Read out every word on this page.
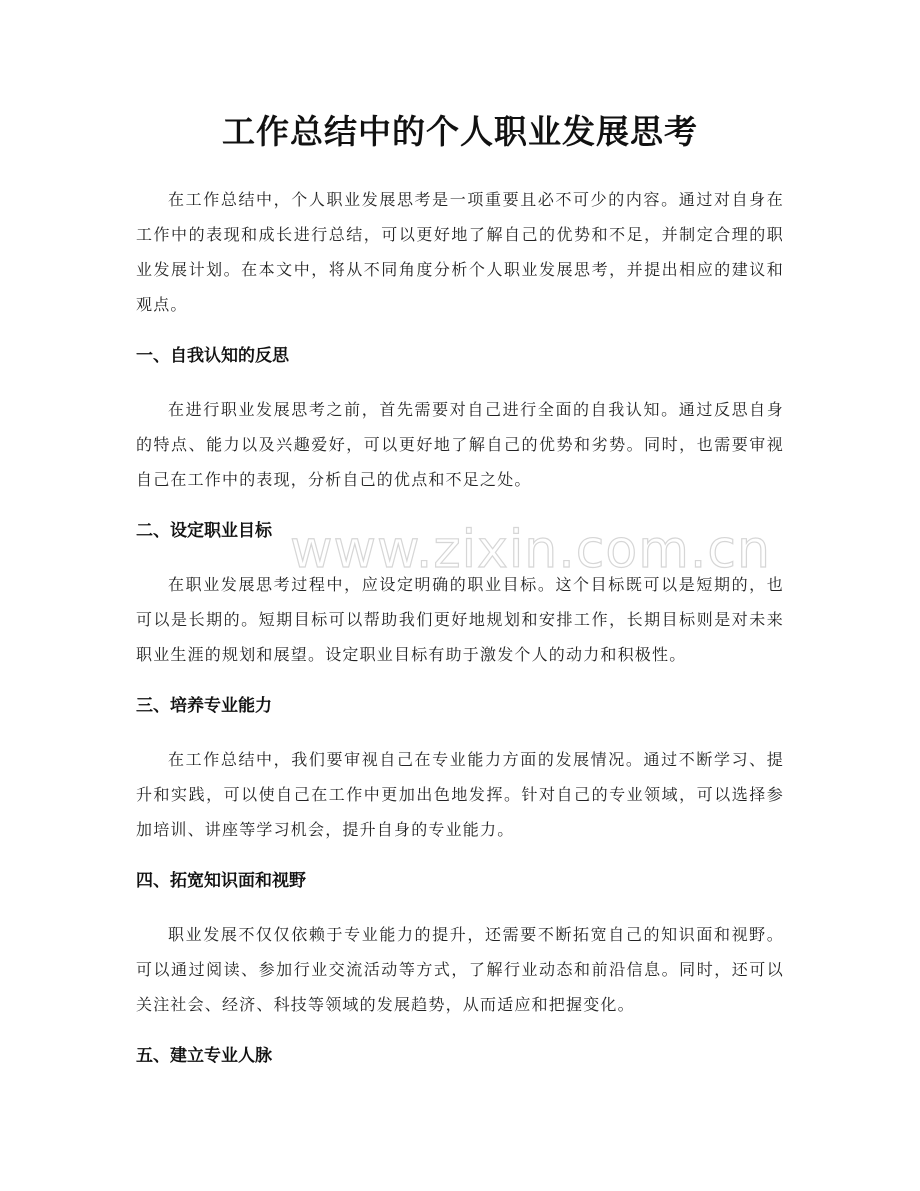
工作总结中的个人职业发展思考

在工作总结中，个人职业发展思考是一项重要且必不可少的内容。通过对自身在工作中的表现和成长进行总结，可以更好地了解自己的优势和不足，并制定合理的职业发展计划。在本文中，将从不同角度分析个人职业发展思考，并提出相应的建议和观点。

一、自我认知的反思

在进行职业发展思考之前，首先需要对自己进行全面的自我认知。通过反思自身的特点、能力以及兴趣爱好，可以更好地了解自己的优势和劣势。同时，也需要审视自己在工作中的表现，分析自己的优点和不足之处。

二、设定职业目标

在职业发展思考过程中，应设定明确的职业目标。这个目标既可以是短期的，也可以是长期的。短期目标可以帮助我们更好地规划和安排工作，长期目标则是对未来职业生涯的规划和展望。设定职业目标有助于激发个人的动力和积极性。

三、培养专业能力

在工作总结中，我们要审视自己在专业能力方面的发展情况。通过不断学习、提升和实践，可以使自己在工作中更加出色地发挥。针对自己的专业领域，可以选择参加培训、讲座等学习机会，提升自身的专业能力。

四、拓宽知识面和视野

职业发展不仅仅依赖于专业能力的提升，还需要不断拓宽自己的知识面和视野。可以通过阅读、参加行业交流活动等方式，了解行业动态和前沿信息。同时，还可以关注社会、经济、科技等领域的发展趋势，从而适应和把握变化。

五、建立专业人脉
www.zixin.com.cn
